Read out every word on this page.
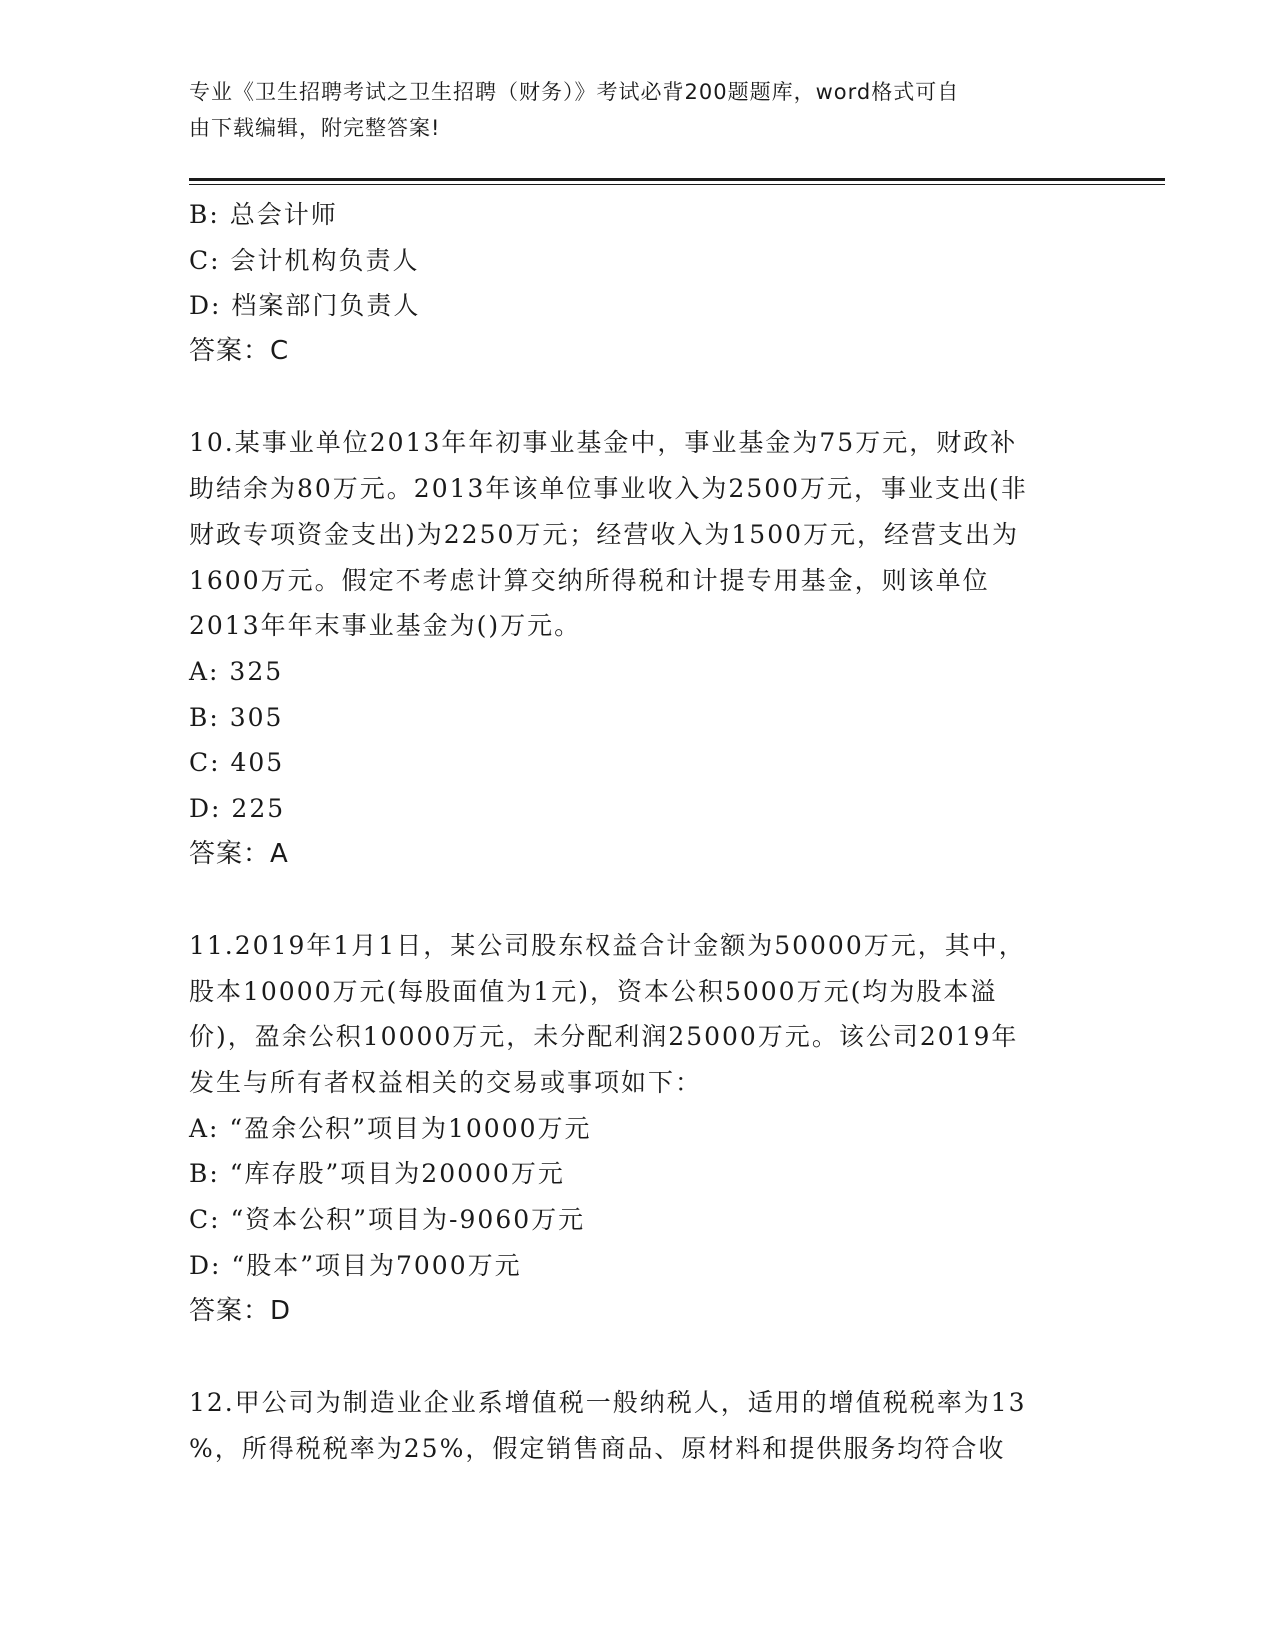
专业《卫生招聘考试之卫生招聘（财务）》考试必背200题题库，word格式可自
由下载编辑，附完整答案!
B: 总会计师
C: 会计机构负责人
D: 档案部门负责人
答案：C
10.某事业单位2013年年初事业基金中，事业基金为75万元，财政补
助结余为80万元。2013年该单位事业收入为2500万元，事业支出(非
财政专项资金支出)为2250万元；经营收入为1500万元，经营支出为
1600万元。假定不考虑计算交纳所得税和计提专用基金，则该单位
2013年年末事业基金为()万元。
A: 325
B: 305
C: 405
D: 225
答案：A
11.2019年1月1日，某公司股东权益合计金额为50000万元，其中，
股本10000万元(每股面值为1元)，资本公积5000万元(均为股本溢
价)，盈余公积10000万元，未分配利润25000万元。该公司2019年
发生与所有者权益相关的交易或事项如下：
A: “盈余公积”项目为10000万元
B: “库存股”项目为20000万元
C: “资本公积”项目为-9060万元
D: “股本”项目为7000万元
答案：D
12.甲公司为制造业企业系增值税一般纳税人，适用的增值税税率为13
%，所得税税率为25%，假定销售商品、原材料和提供服务均符合收
